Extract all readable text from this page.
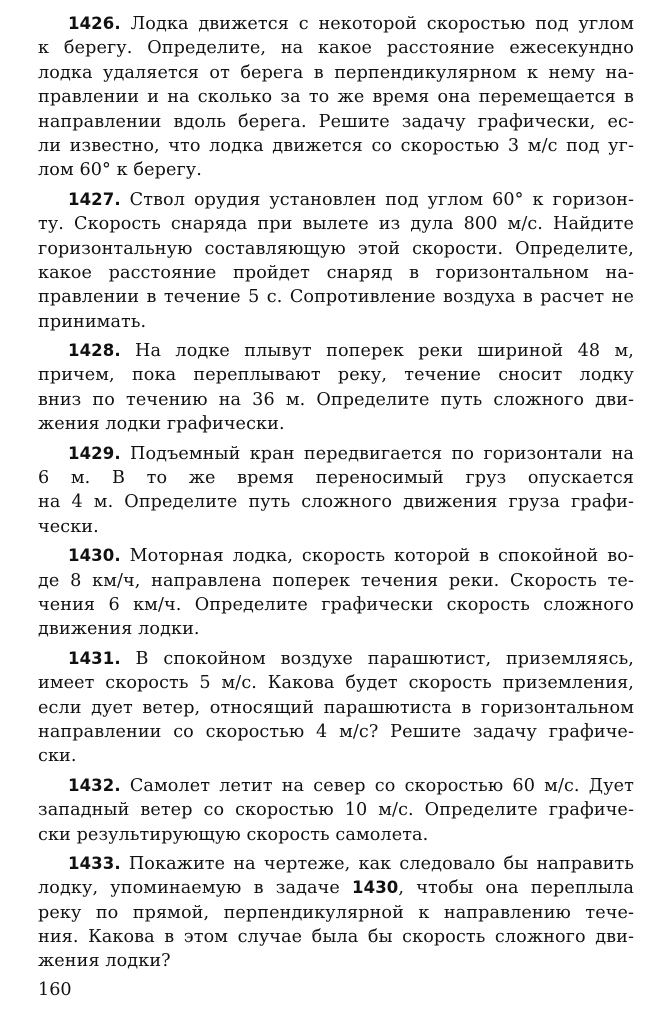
1426. Лодка движется с некоторой скоростью под углом
к берегу. Определите, на какое расстояние ежесекундно
лодка удаляется от берега в перпендикулярном к нему на-
правлении и на сколько за то же время она перемещается в
направлении вдоль берега. Решите задачу графически, ес-
ли известно, что лодка движется со скоростью 3 м/с под уг-
лом 60° к берегу.
1427. Ствол орудия установлен под углом 60° к горизон-
ту. Скорость снаряда при вылете из дула 800 м/с. Найдите
горизонтальную составляющую этой скорости. Определите,
какое расстояние пройдет снаряд в горизонтальном на-
правлении в течение 5 с. Сопротивление воздуха в расчет не
принимать.
1428. На лодке плывут поперек реки шириной 48 м,
причем, пока переплывают реку, течение сносит лодку
вниз по течению на 36 м. Определите путь сложного дви-
жения лодки графически.
1429. Подъемный кран передвигается по горизонтали на
6 м. В то же время переносимый груз опускается
на 4 м. Определите путь сложного движения груза графи-
чески.
1430. Моторная лодка, скорость которой в спокойной во-
де 8 км/ч, направлена поперек течения реки. Скорость те-
чения 6 км/ч. Определите графически скорость сложного
движения лодки.
1431. В спокойном воздухе парашютист, приземляясь,
имеет скорость 5 м/с. Какова будет скорость приземления,
если дует ветер, относящий парашютиста в горизонтальном
направлении со скоростью 4 м/с? Решите задачу графиче-
ски.
1432. Самолет летит на север со скоростью 60 м/с. Дует
западный ветер со скоростью 10 м/с. Определите графиче-
ски результирующую скорость самолета.
1433. Покажите на чертеже, как следовало бы направить
лодку, упоминаемую в задаче 1430, чтобы она переплыла
реку по прямой, перпендикулярной к направлению тече-
ния. Какова в этом случае была бы скорость сложного дви-
жения лодки?
160
